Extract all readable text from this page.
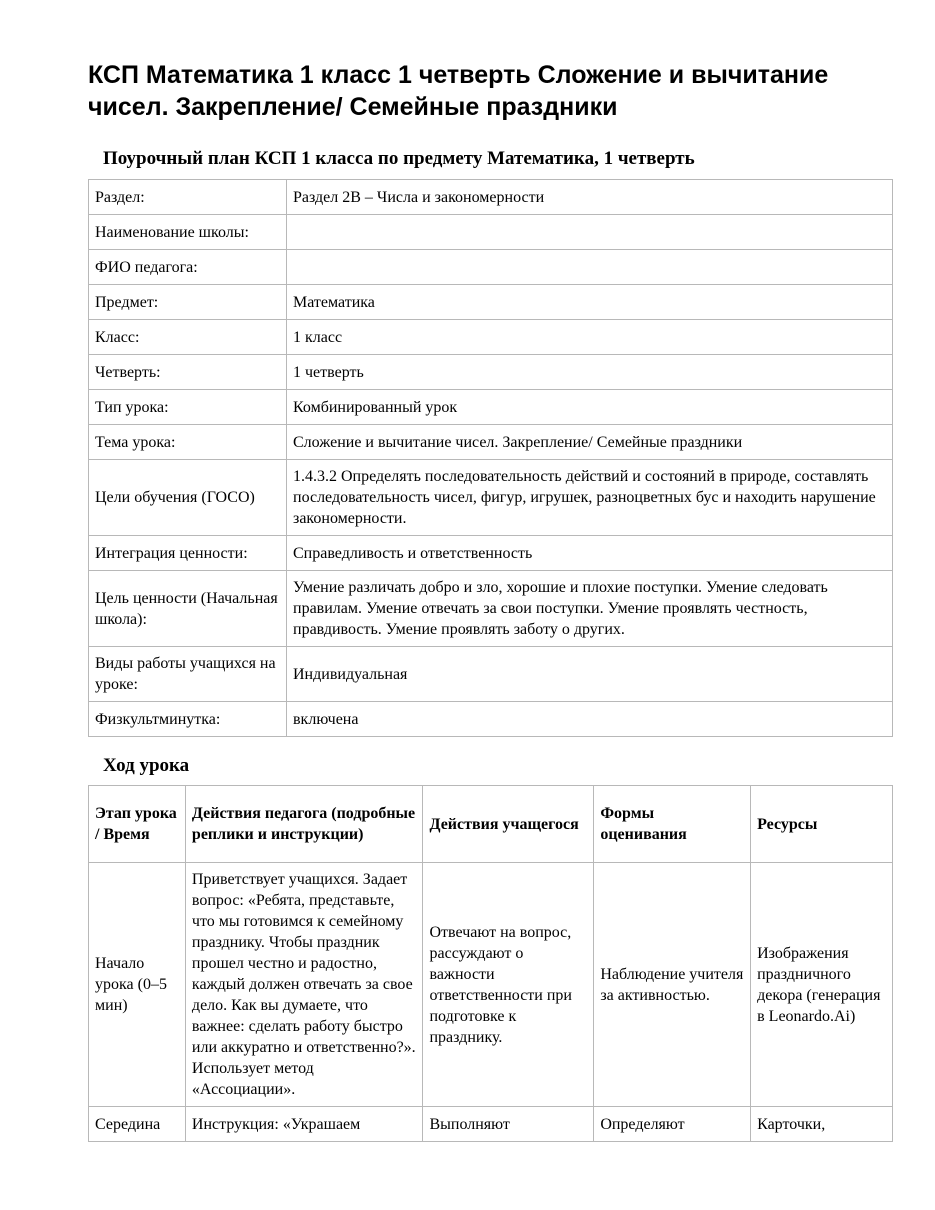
КСП Математика 1 класс 1 четверть Сложение и вычитание чисел. Закрепление/ Семейные праздники

Поурочный план КСП 1 класса по предмету Математика, 1 четверть

Раздел:	Раздел 2В – Числа и закономерности
Наименование школы:	
ФИО педагога:	
Предмет:	Математика
Класс:	1 класс
Четверть:	1 четверть
Тип урока:	Комбинированный урок
Тема урока:	Сложение и вычитание чисел. Закрепление/ Семейные праздники
Цели обучения (ГОСО)	1.4.3.2 Определять последовательность действий и состояний в природе, составлять последовательность чисел, фигур, игрушек, разноцветных бус и находить нарушение закономерности.
Интеграция ценности:	Справедливость и ответственность
Цель ценности (Начальная школа):	Умение различать добро и зло, хорошие и плохие поступки. Умение следовать правилам. Умение отвечать за свои поступки. Умение проявлять честность, правдивость. Умение проявлять заботу о других.
Виды работы учащихся на уроке:	Индивидуальная
Физкультминутка:	включена

Ход урока

Этап урока / Время	Действия педагога (подробные реплики и инструкции)	Действия учащегося	Формы оценивания	Ресурсы
Начало урока (0–5 мин)	Приветствует учащихся. Задает вопрос: «Ребята, представьте, что мы готовимся к семейному празднику. Чтобы праздник прошел честно и радостно, каждый должен отвечать за свое дело. Как вы думаете, что важнее: сделать работу быстро или аккуратно и ответственно?». Использует метод «Ассоциации».	Отвечают на вопрос, рассуждают о важности ответственности при подготовке к празднику.	Наблюдение учителя за активностью.	Изображения праздничного декора (генерация в Leonardo.Ai)
Середина	Инструкция: «Украшаем	Выполняют	Определяют	Карточки,
